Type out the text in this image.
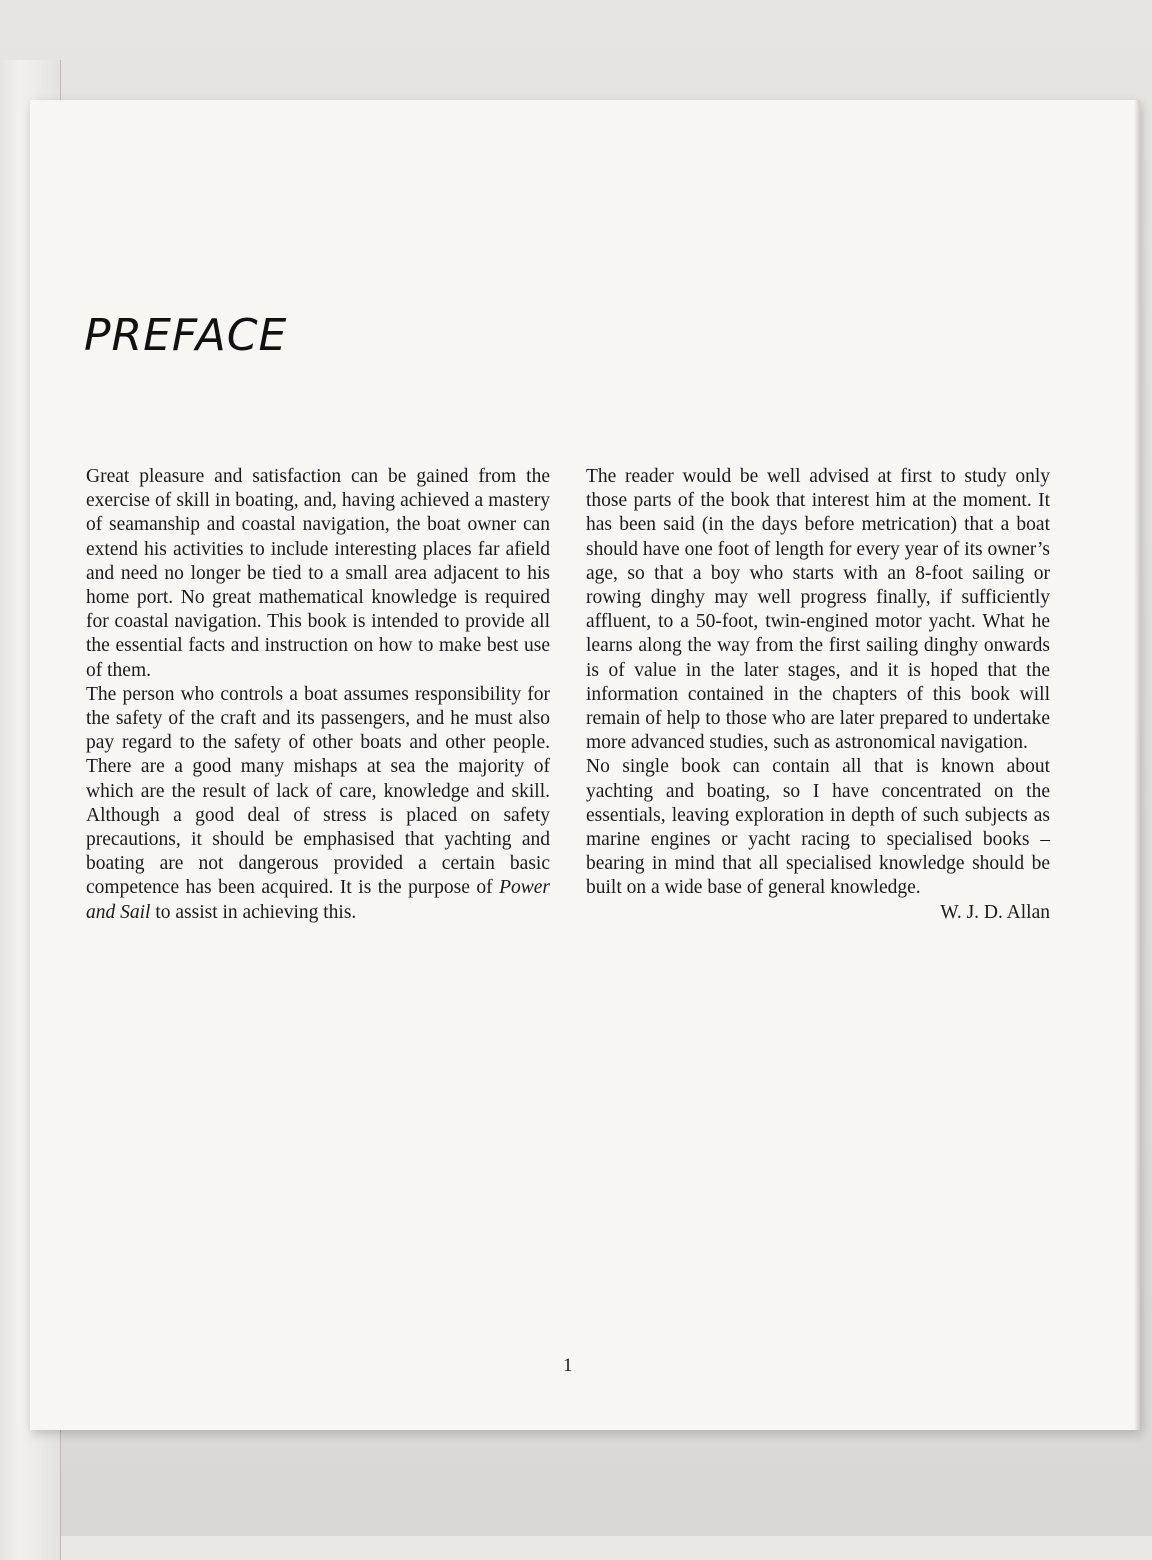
PREFACE

Great pleasure and satisfaction can be gained from the exercise of skill in boating, and, having achieved a mastery of seamanship and coastal navigation, the boat owner can extend his activities to include interesting places far afield and need no longer be tied to a small area adjacent to his home port. No great mathematical knowledge is required for coastal navigation. This book is intended to provide all the essential facts and instruction on how to make best use of them.

The person who controls a boat assumes responsibility for the safety of the craft and its passengers, and he must also pay regard to the safety of other boats and other people. There are a good many mishaps at sea the majority of which are the result of lack of care, knowledge and skill. Although a good deal of stress is placed on safety precautions, it should be emphasised that yachting and boating are not dangerous provided a certain basic competence has been acquired. It is the purpose of Power and Sail to assist in achieving this.

The reader would be well advised at first to study only those parts of the book that interest him at the moment. It has been said (in the days before metrication) that a boat should have one foot of length for every year of its owner’s age, so that a boy who starts with an 8-foot sailing or rowing dinghy may well progress finally, if sufficiently affluent, to a 50-foot, twin-engined motor yacht. What he learns along the way from the first sailing dinghy onwards is of value in the later stages, and it is hoped that the information contained in the chapters of this book will remain of help to those who are later prepared to undertake more advanced studies, such as astronomical navigation.

No single book can contain all that is known about yachting and boating, so I have concentrated on the essentials, leaving exploration in depth of such subjects as marine engines or yacht racing to specialised books – bearing in mind that all specialised knowledge should be built on a wide base of general knowledge.

W. J. D. Allan

1
